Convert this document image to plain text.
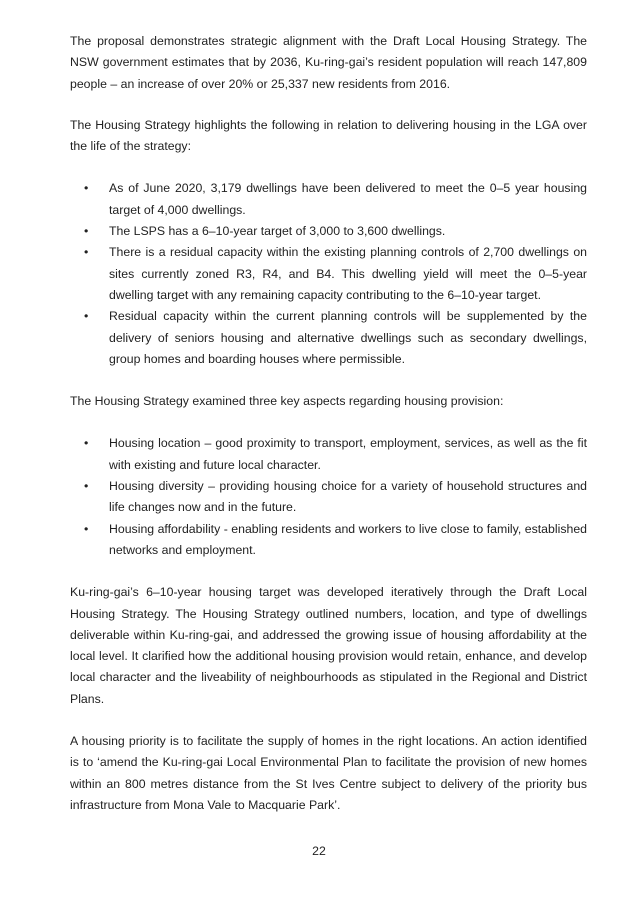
The proposal demonstrates strategic alignment with the Draft Local Housing Strategy. The NSW government estimates that by 2036, Ku-ring-gai’s resident population will reach 147,809 people – an increase of over 20% or 25,337 new residents from 2016.

The Housing Strategy highlights the following in relation to delivering housing in the LGA over the life of the strategy:

• As of June 2020, 3,179 dwellings have been delivered to meet the 0–5 year housing target of 4,000 dwellings.
• The LSPS has a 6–10-year target of 3,000 to 3,600 dwellings.
• There is a residual capacity within the existing planning controls of 2,700 dwellings on sites currently zoned R3, R4, and B4. This dwelling yield will meet the 0–5-year dwelling target with any remaining capacity contributing to the 6–10-year target.
• Residual capacity within the current planning controls will be supplemented by the delivery of seniors housing and alternative dwellings such as secondary dwellings, group homes and boarding houses where permissible.

The Housing Strategy examined three key aspects regarding housing provision:

• Housing location – good proximity to transport, employment, services, as well as the fit with existing and future local character.
• Housing diversity – providing housing choice for a variety of household structures and life changes now and in the future.
• Housing affordability - enabling residents and workers to live close to family, established networks and employment.

Ku-ring-gai’s 6–10-year housing target was developed iteratively through the Draft Local Housing Strategy. The Housing Strategy outlined numbers, location, and type of dwellings deliverable within Ku-ring-gai, and addressed the growing issue of housing affordability at the local level. It clarified how the additional housing provision would retain, enhance, and develop local character and the liveability of neighbourhoods as stipulated in the Regional and District Plans.

A housing priority is to facilitate the supply of homes in the right locations. An action identified is to ‘amend the Ku-ring-gai Local Environmental Plan to facilitate the provision of new homes within an 800 metres distance from the St Ives Centre subject to delivery of the priority bus infrastructure from Mona Vale to Macquarie Park’.

22
